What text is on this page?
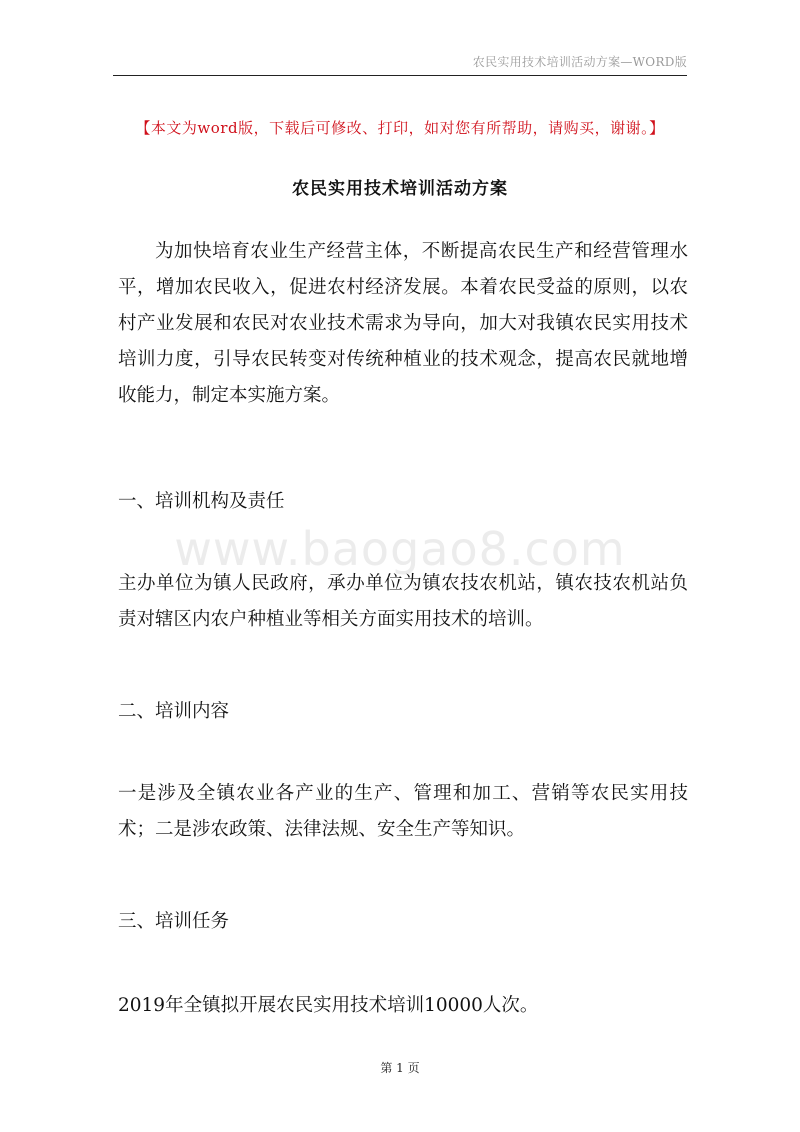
农民实用技术培训活动方案—WORD版
【本文为word版，下载后可修改、打印，如对您有所帮助，请购买，谢谢。】
农民实用技术培训活动方案

为加快培育农业生产经营主体，不断提高农民生产和经营管理水平，增加农民收入，促进农村经济发展。本着农民受益的原则，以农村产业发展和农民对农业技术需求为导向，加大对我镇农民实用技术培训力度，引导农民转变对传统种植业的技术观念，提高农民就地增收能力，制定本实施方案。

一、培训机构及责任
www.baogao8.com

主办单位为镇人民政府，承办单位为镇农技农机站，镇农技农机站负责对辖区内农户种植业等相关方面实用技术的培训。

二、培训内容

一是涉及全镇农业各产业的生产、管理和加工、营销等农民实用技术；二是涉农政策、法律法规、安全生产等知识。

三、培训任务

2019年全镇拟开展农民实用技术培训10000人次。

第 1 页
